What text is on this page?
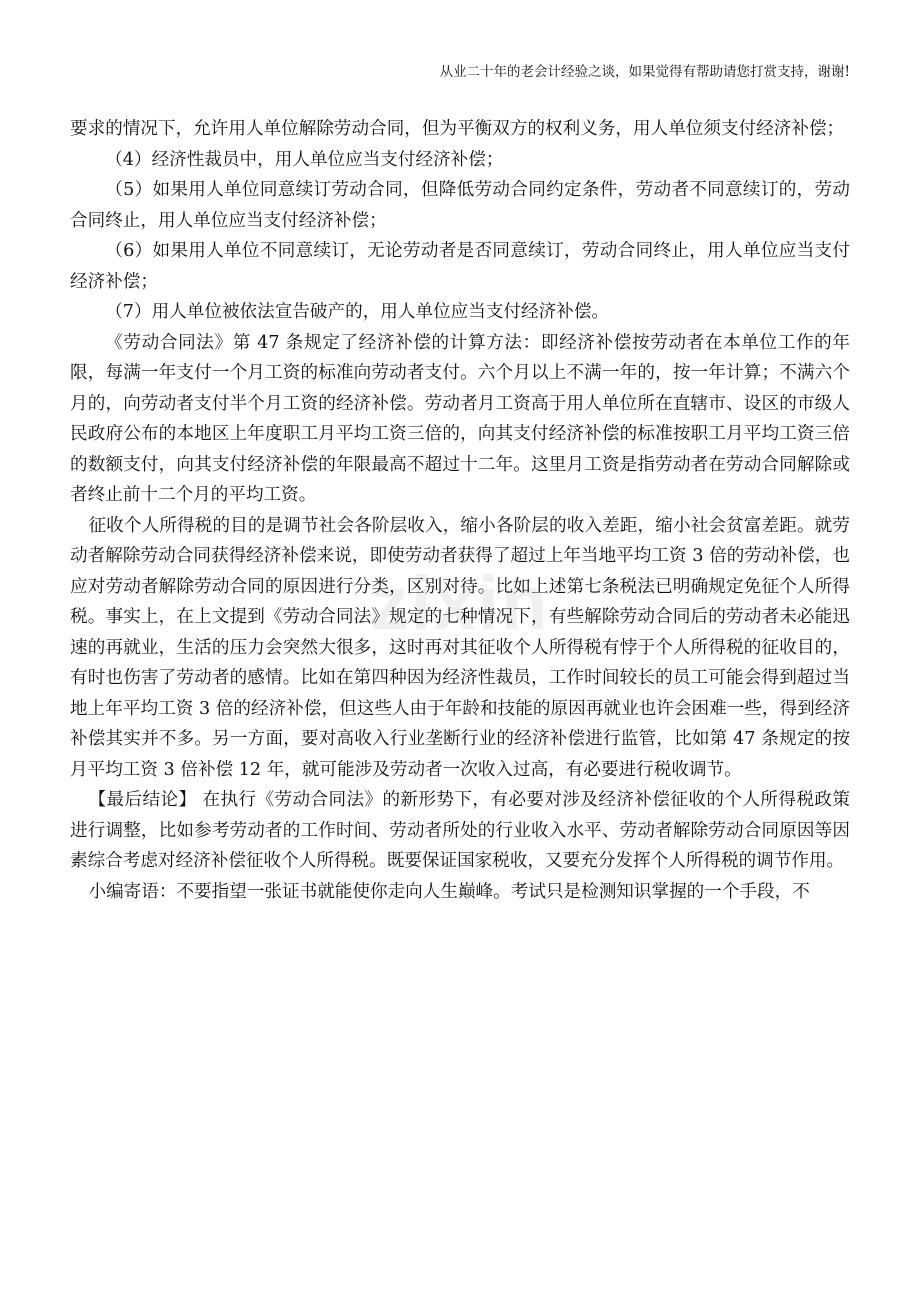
从业二十年的老会计经验之谈，如果觉得有帮助请您打赏支持，谢谢!
zixin

要求的情况下，允许用人单位解除劳动合同，但为平衡双方的权利义务，用人单位须支付经济补偿；

（4）经济性裁员中，用人单位应当支付经济补偿；

（5）如果用人单位同意续订劳动合同，但降低劳动合同约定条件，劳动者不同意续订的，劳动合同终止，用人单位应当支付经济补偿；

（6）如果用人单位不同意续订，无论劳动者是否同意续订，劳动合同终止，用人单位应当支付经济补偿；

（7）用人单位被依法宣告破产的，用人单位应当支付经济补偿。

《劳动合同法》第 47 条规定了经济补偿的计算方法：即经济补偿按劳动者在本单位工作的年限，每满一年支付一个月工资的标准向劳动者支付。六个月以上不满一年的，按一年计算；不满六个月的，向劳动者支付半个月工资的经济补偿。劳动者月工资高于用人单位所在直辖市、设区的市级人民政府公布的本地区上年度职工月平均工资三倍的，向其支付经济补偿的标准按职工月平均工资三倍的数额支付，向其支付经济补偿的年限最高不超过十二年。这里月工资是指劳动者在劳动合同解除或者终止前十二个月的平均工资。

征收个人所得税的目的是调节社会各阶层收入，缩小各阶层的收入差距，缩小社会贫富差距。就劳动者解除劳动合同获得经济补偿来说，即使劳动者获得了超过上年当地平均工资 3 倍的劳动补偿，也应对劳动者解除劳动合同的原因进行分类，区别对待。比如上述第七条税法已明确规定免征个人所得税。事实上，在上文提到《劳动合同法》规定的七种情况下，有些解除劳动合同后的劳动者未必能迅速的再就业，生活的压力会突然大很多，这时再对其征收个人所得税有悖于个人所得税的征收目的，有时也伤害了劳动者的感情。比如在第四种因为经济性裁员，工作时间较长的员工可能会得到超过当地上年平均工资 3 倍的经济补偿，但这些人由于年龄和技能的原因再就业也许会困难一些，得到经济补偿其实并不多。另一方面，要对高收入行业垄断行业的经济补偿进行监管，比如第 47 条规定的按月平均工资 3 倍补偿 12 年，就可能涉及劳动者一次收入过高，有必要进行税收调节。

【最后结论】 在执行《劳动合同法》的新形势下，有必要对涉及经济补偿征收的个人所得税政策进行调整，比如参考劳动者的工作时间、劳动者所处的行业收入水平、劳动者解除劳动合同原因等因素综合考虑对经济补偿征收个人所得税。既要保证国家税收，又要充分发挥个人所得税的调节作用。

小编寄语：不要指望一张证书就能使你走向人生巅峰。考试只是检测知识掌握的一个手段，不
